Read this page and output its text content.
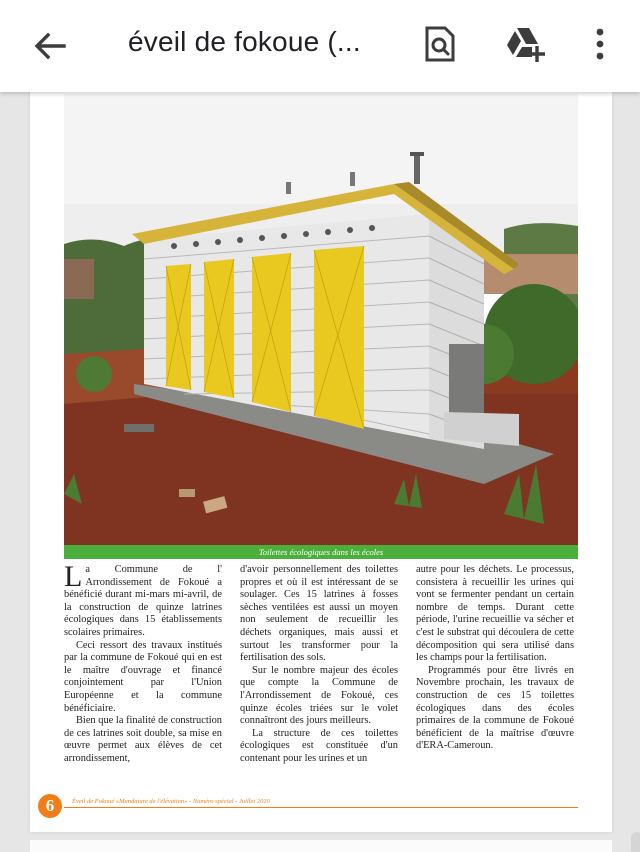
éveil de fokoue (...
Toilettes écologiques dans les écoles

La Commune de l' Arrondissement de Fokoué a bénéficié durant mi-mars mi-avril, de la construction de quinze latrines écologiques dans 15 établissements scolaires primaires.

Ceci ressort des travaux institués par la commune de Fokoué qui en est le maître d'ouvrage et financé conjointement par l'Union Européenne et la commune bénéficiaire.

Bien que la finalité de construction de ces latrines soit double, sa mise en œuvre permet aux élèves de cet arrondissement,

d'avoir personnellement des toilettes propres et où il est intéressant de se soulager. Ces 15 latrines à fosses sèches ventilées est aussi un moyen non seulement de recueillir les déchets organiques, mais aussi et surtout les transformer pour la fertilisation des sols.

Sur le nombre majeur des écoles que compte la Commune de l'Arrondissement de Fokoué, ces quinze écoles triées sur le volet connaîtront des jours meilleurs.

La structure de ces toilettes écologiques est constituée d'un contenant pour les urines et un

autre pour les déchets. Le processus, consistera à recueillir les urines qui vont se fermenter pendant un certain nombre de temps. Durant cette période, l'urine recueillie va sécher et c'est le substrat qui découlera de cette décomposition qui sera utilisé dans les champs pour la fertilisation.

Programmés pour être livrés en Novembre prochain, les travaux de construction de ces 15 toilettes écologiques dans des écoles primaires de la commune de Fokoué bénéficient de la maîtrise d'œuvre d'ERA-Cameroun.

6	Éveil de Fokoué «Mandature de l'élévation» - Numéro spécial - Juillet 2020
